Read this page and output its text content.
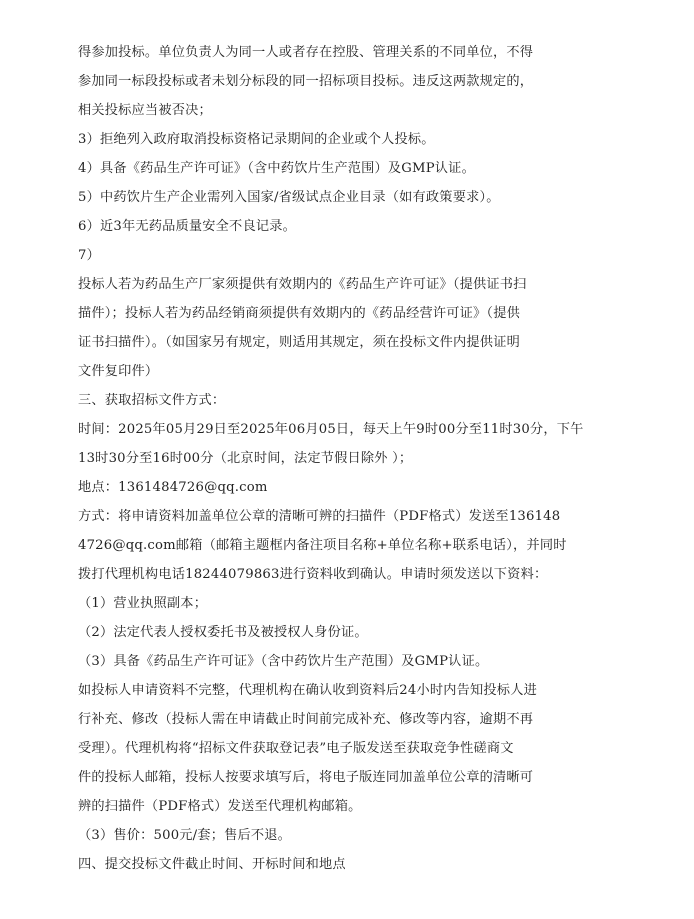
得参加投标。单位负责人为同一人或者存在控股、管理关系的不同单位，不得
参加同一标段投标或者未划分标段的同一招标项目投标。违反这两款规定的，
相关投标应当被否决；
3）拒绝列入政府取消投标资格记录期间的企业或个人投标。
4）具备《药品生产许可证》（含中药饮片生产范围）及GMP认证。
5）中药饮片生产企业需列入国家/省级试点企业目录（如有政策要求）。
6）近3年无药品质量安全不良记录。
7）
投标人若为药品生产厂家须提供有效期内的《药品生产许可证》（提供证书扫
描件）；投标人若为药品经销商须提供有效期内的《药品经营许可证》（提供
证书扫描件）。（如国家另有规定，则适用其规定，须在投标文件内提供证明
文件复印件）
三、获取招标文件方式：
时间：2025年05月29日至2025年06月05日，每天上午9时00分至11时30分，下午
13时30分至16时00分（北京时间，法定节假日除外 ）；
地点：1361484726@qq.com
方式：将申请资料加盖单位公章的清晰可辨的扫描件（PDF格式）发送至136148
4726@qq.com邮箱（邮箱主题框内备注项目名称+单位名称+联系电话），并同时
拨打代理机构电话18244079863进行资料收到确认。申请时须发送以下资料：
（1）营业执照副本；
（2）法定代表人授权委托书及被授权人身份证。
（3）具备《药品生产许可证》（含中药饮片生产范围）及GMP认证。
如投标人申请资料不完整，代理机构在确认收到资料后24小时内告知投标人进
行补充、修改（投标人需在申请截止时间前完成补充、修改等内容，逾期不再
受理）。代理机构将“招标文件获取登记表”电子版发送至获取竞争性磋商文
件的投标人邮箱，投标人按要求填写后，将电子版连同加盖单位公章的清晰可
辨的扫描件（PDF格式）发送至代理机构邮箱。
（3）售价：500元/套；售后不退。
四、提交投标文件截止时间、开标时间和地点
